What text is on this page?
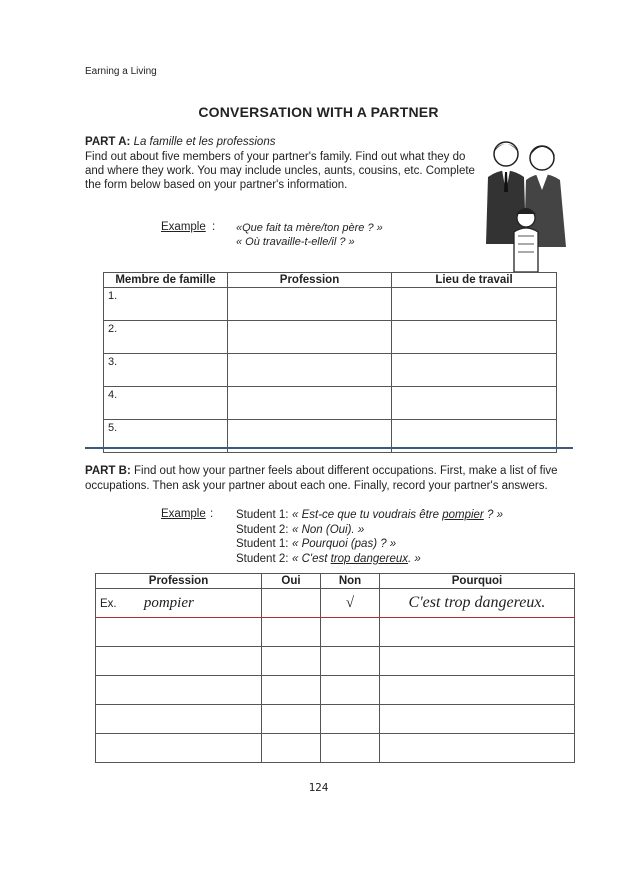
Earning a Living
CONVERSATION WITH A PARTNER
PART A: La famille et les professions
Find out about five members of your partner's family. Find out what they do and where they work. You may include uncles, aunts, cousins, etc. Complete the form below based on your partner's information.
Example : «Que fait ta mère/ton père ? »
« Où travaille-t-elle/il ? »
Membre de famille	Profession	Lieu de travail
1.		
2.		
3.		
4.		
5.		
PART B: Find out how your partner feels about different occupations. First, make a list of five occupations. Then ask your partner about each one. Finally, record your partner's answers.
Example : Student 1: « Est-ce que tu voudrais être pompier ? »
Student 2: « Non (Oui). »
Student 1: « Pourquoi (pas) ? »
Student 2: « C'est trop dangereux. »
Profession	Oui	Non	Pourquoi
Ex. pompier		√	C'est trop dangereux.

124
